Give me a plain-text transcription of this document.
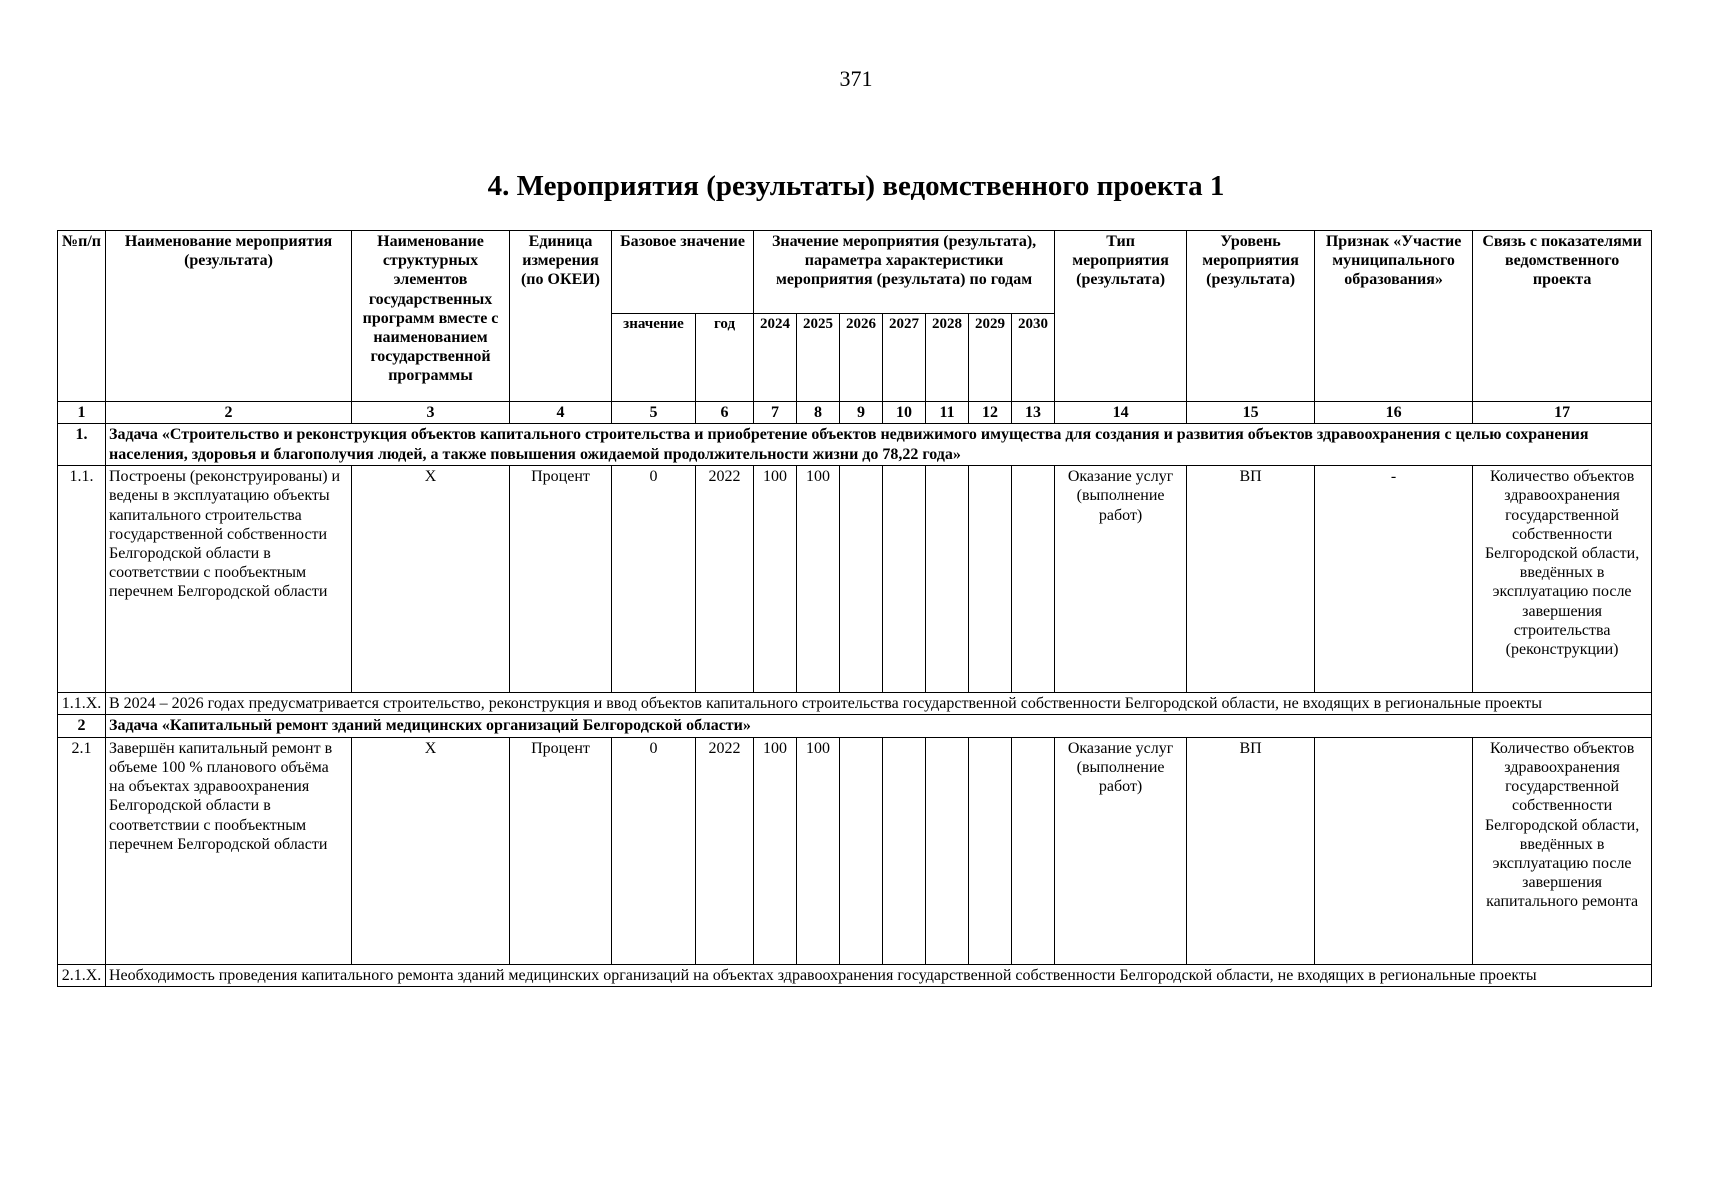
371
4. Мероприятия (результаты) ведомственного проекта 1
№п/п	Наименование мероприятия (результата)	Наименование структурных элементов государственных программ вместе с наименованием государственной программы	Единица измерения (по ОКЕИ)	Базовое значение		Значение мероприятия (результата), параметра характеристики мероприятия (результата) по годам							Тип мероприятия (результата)	Уровень мероприятия (результата)	Признак «Участие муниципального образования»	Связь с показателями ведомственного проекта
				значение	год	2024	2025	2026	2027	2028	2029	2030				
1	2	3	4	5	6	7	8	9	10	11	12	13	14	15	16	17
1.	Задача «Строительство и реконструкция объектов капитального строительства и приобретение объектов недвижимого имущества для создания и развития объектов здравоохранения с целью сохранения населения, здоровья и благополучия людей, а также повышения ожидаемой продолжительности жизни до 78,22 года»															
1.1.	Построены (реконструированы) и ведены в эксплуатацию объекты капитального строительства государственной собственности Белгородской области в соответствии с пообъектным перечнем Белгородской области	Х	Процент	0	2022	100	100						Оказание услуг (выполнение работ)	ВП	-	Количество объектов здравоохранения государственной собственности Белгородской области, введённых в эксплуатацию после завершения строительства (реконструкции)
1.1.Х.	В 2024 – 2026 годах предусматривается строительство, реконструкция и ввод объектов капитального строительства государственной собственности Белгородской области, не входящих в региональные проекты															
2	Задача «Капитальный ремонт зданий медицинских организаций Белгородской области»															
2.1	Завершён капитальный ремонт в объеме 100 % планового объёма на объектах здравоохранения Белгородской области в соответствии с пообъектным перечнем Белгородской области	Х	Процент	0	2022	100	100						Оказание услуг (выполнение работ)	ВП		Количество объектов здравоохранения государственной собственности Белгородской области, введённых в эксплуатацию после завершения капитального ремонта
2.1.Х.	Необходимость проведения капитального ремонта зданий медицинских организаций на объектах здравоохранения государственной собственности Белгородской области, не входящих в региональные проекты															
